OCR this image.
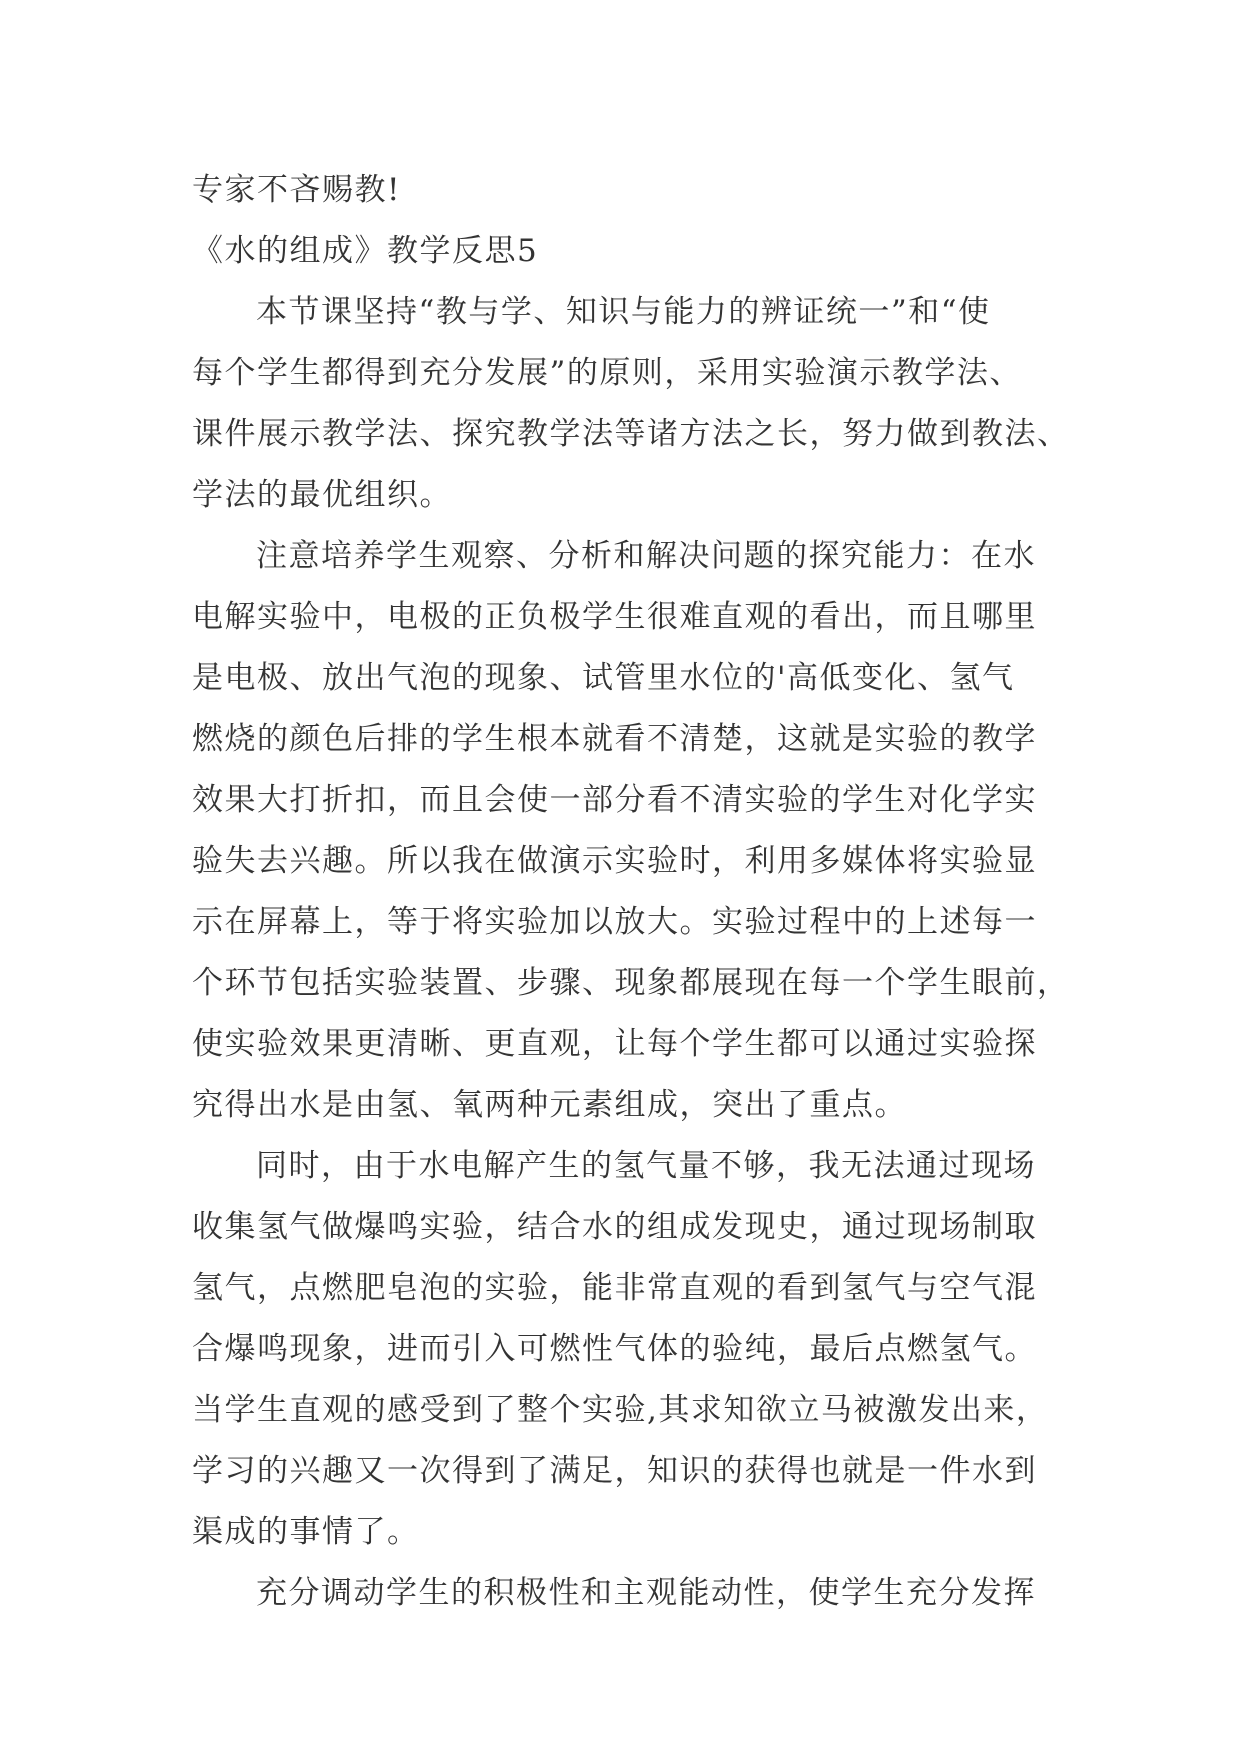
专家不吝赐教!
《水的组成》教学反思5
本节课坚持“教与学、知识与能力的辨证统一”和“使
每个学生都得到充分发展”的原则，采用实验演示教学法、
课件展示教学法、探究教学法等诸方法之长，努力做到教法、
学法的最优组织。
注意培养学生观察、分析和解决问题的探究能力：在水
电解实验中，电极的正负极学生很难直观的看出，而且哪里
是电极、放出气泡的现象、试管里水位的'高低变化、氢气
燃烧的颜色后排的学生根本就看不清楚，这就是实验的教学
效果大打折扣，而且会使一部分看不清实验的学生对化学实
验失去兴趣。所以我在做演示实验时，利用多媒体将实验显
示在屏幕上，等于将实验加以放大。实验过程中的上述每一
个环节包括实验装置、步骤、现象都展现在每一个学生眼前，
使实验效果更清晰、更直观，让每个学生都可以通过实验探
究得出水是由氢、氧两种元素组成，突出了重点。
同时，由于水电解产生的氢气量不够，我无法通过现场
收集氢气做爆鸣实验，结合水的组成发现史，通过现场制取
氢气，点燃肥皂泡的实验，能非常直观的看到氢气与空气混
合爆鸣现象，进而引入可燃性气体的验纯，最后点燃氢气。
当学生直观的感受到了整个实验,其求知欲立马被激发出来，
学习的兴趣又一次得到了满足，知识的获得也就是一件水到
渠成的事情了。
充分调动学生的积极性和主观能动性，使学生充分发挥
